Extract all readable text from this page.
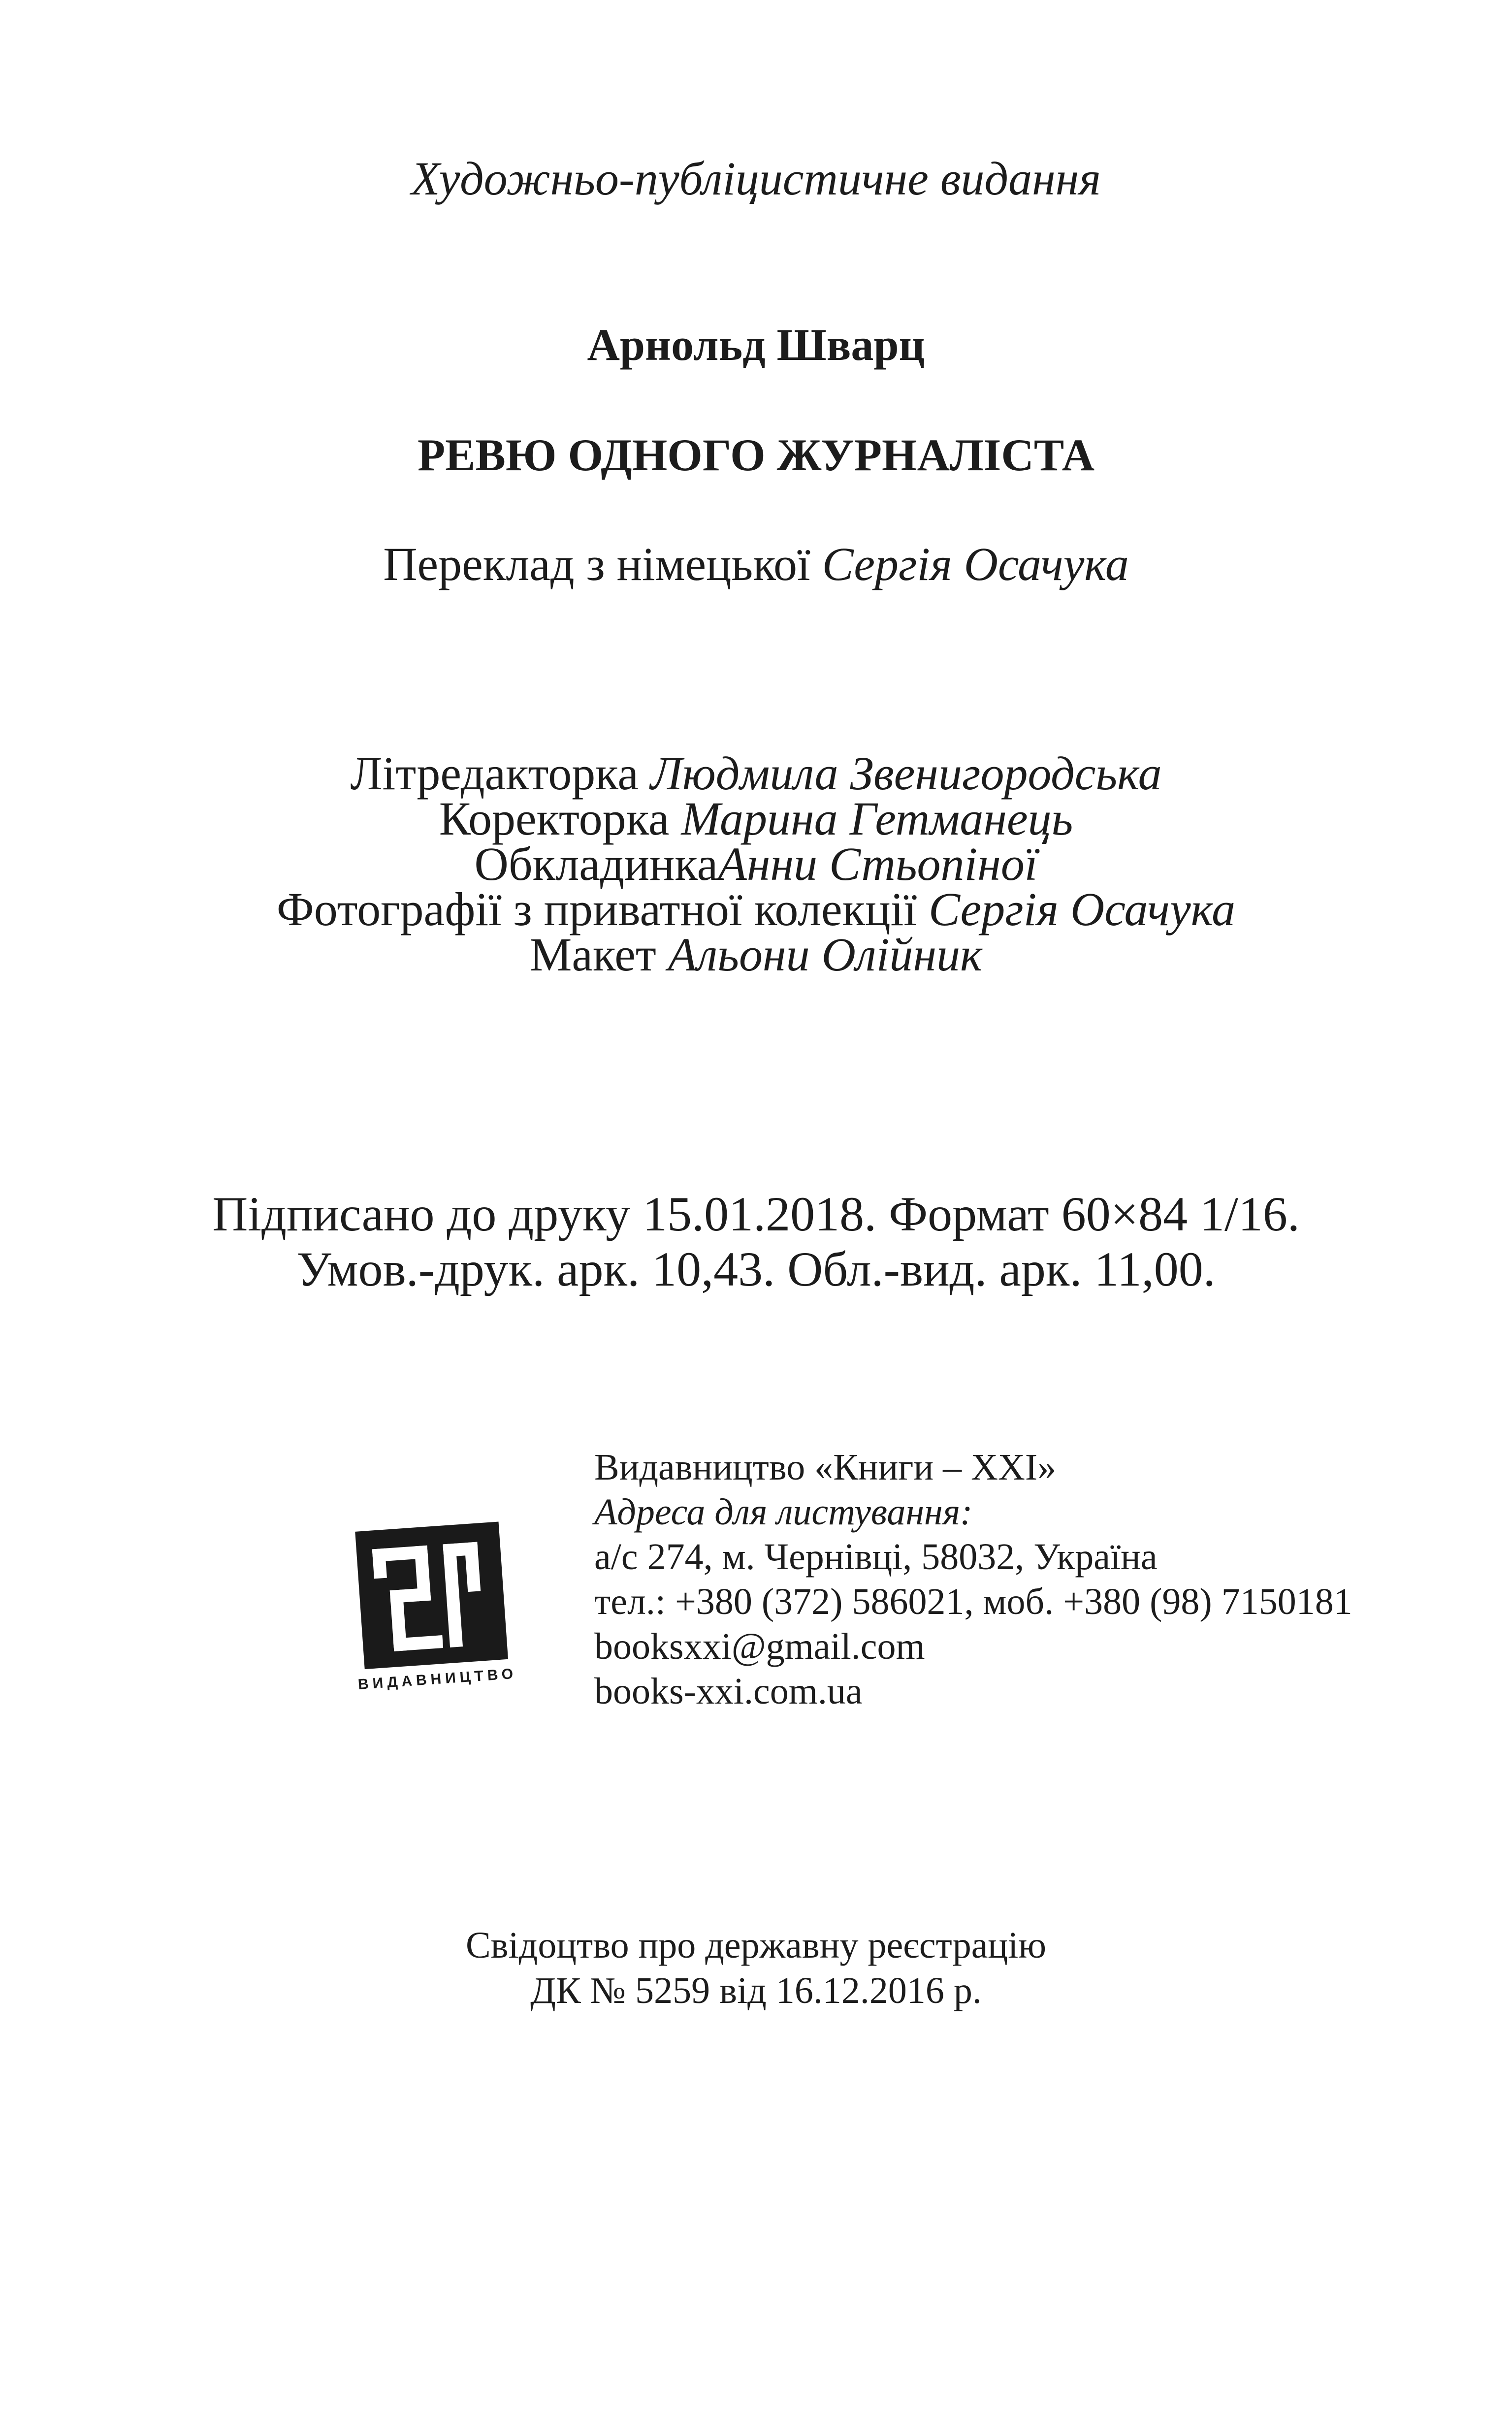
Художньо-публіцистичне видання
Арнольд Шварц
РЕВЮ ОДНОГО ЖУРНАЛІСТА
Переклад з німецької Сергія Осачука
Літредакторка Людмила Звенигородська
Коректорка Марина Гетманець
ОбкладинкаАнни Стьопіної
Фотографії з приватної колекції Сергія Осачука
Макет Альони Олійник
Підписано до друку 15.01.2018. Формат 60×84 1/16.
Умов.-друк. арк. 10,43. Обл.-вид. арк. 11,00.
ВИДАВНИЦТВО
Видавництво «Книги – XXI»
Адреса для листування:
а/с 274, м. Чернівці, 58032, Україна
тел.: +380 (372) 586021, моб. +380 (98) 7150181
booksxxi@gmail.com
books-xxi.com.ua
Свідоцтво про державну реєстрацію
ДК № 5259 від 16.12.2016 р.
